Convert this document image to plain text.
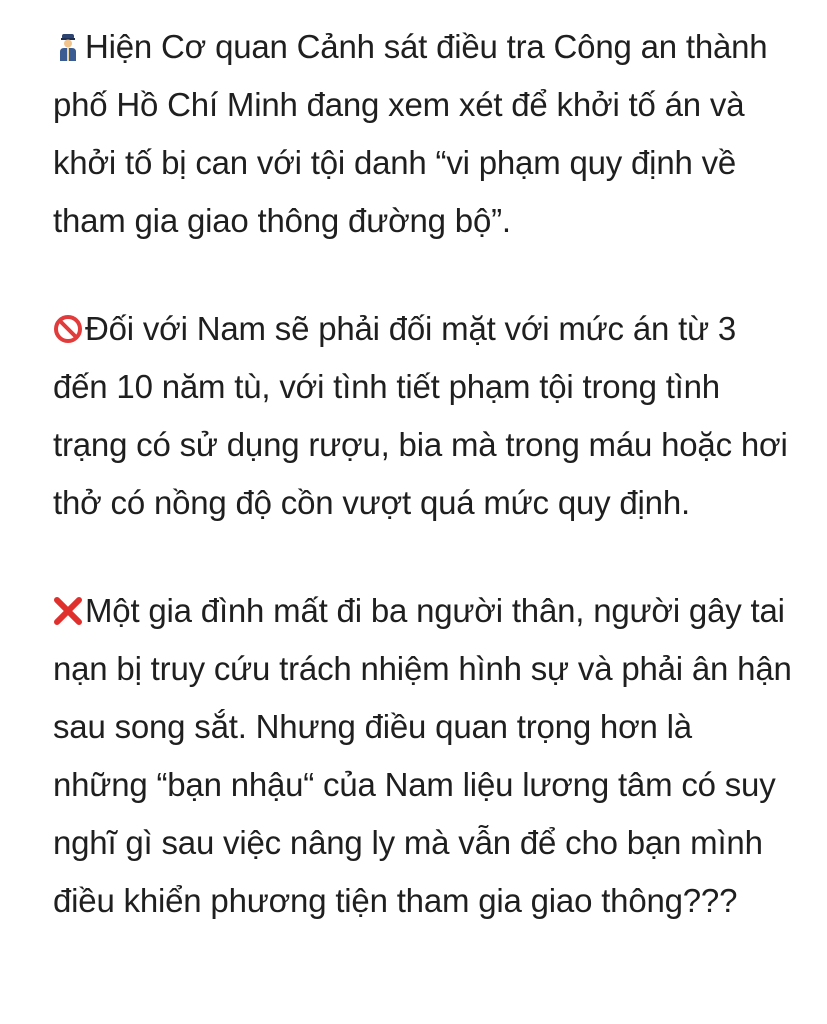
Hiện Cơ quan Cảnh sát điều tra Công an thành phố Hồ Chí Minh đang xem xét để khởi tố án và khởi tố bị can với tội danh “vi phạm quy định về tham gia giao thông đường bộ”.

Đối với Nam sẽ phải đối mặt với mức án từ 3 đến 10 năm tù, với tình tiết phạm tội trong tình trạng có sử dụng rượu, bia mà trong máu hoặc hơi thở có nồng độ cồn vượt quá mức quy định.

Một gia đình mất đi ba người thân, người gây tai nạn bị truy cứu trách nhiệm hình sự và phải ân hận sau song sắt. Nhưng điều quan trọng hơn là những “bạn nhậu“ của Nam liệu lương tâm có suy nghĩ gì sau việc nâng ly mà vẫn để cho bạn mình điều khiển phương tiện tham gia giao thông???
